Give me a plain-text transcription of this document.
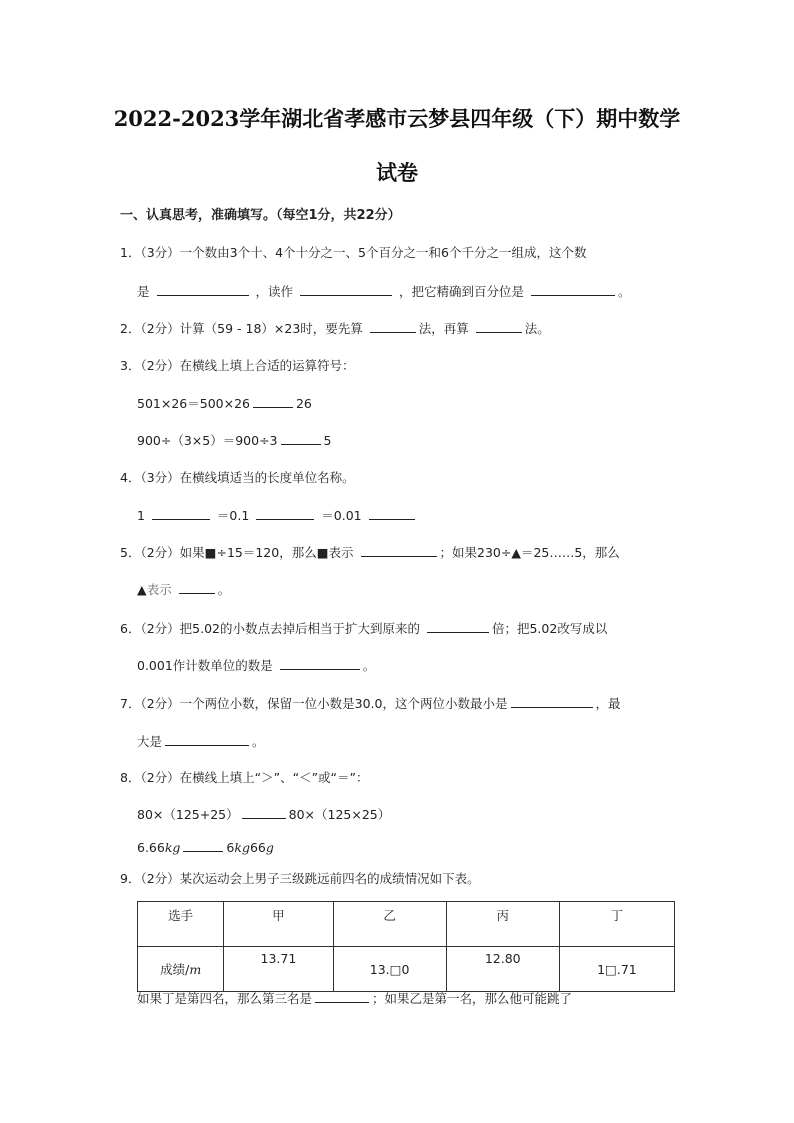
2022-2023学年湖北省孝感市云梦县四年级（下）期中数学
试卷
一、认真思考，准确填写。（每空1分，共22分）
1．（3分）一个数由3个十、4个十分之一、5个百分之一和6个千分之一组成，这个数
是	，读作	，把它精确到百分位是	。
2．（2分）计算（59 - 18）×23时，要先算	法，再算	法。
3．（2分）在横线上填上合适的运算符号：
501×26＝500×26	26
900÷（3×5）＝900÷3	5
4．（3分）在横线填适当的长度单位名称。
1	＝0.1	＝0.01
5．（2分）如果■÷15＝120，那么■表示	；如果230÷▲＝25……5，那么
▲表示	。
6．（2分）把5.02的小数点去掉后相当于扩大到原来的	倍；把5.02改写成以
0.001作计数单位的数是	。
7．（2分）一个两位小数，保留一位小数是30.0，这个两位小数最小是	，最
大是	。
8．（2分）在横线上填上“＞”、“＜”或“＝”：
80×（125+25）	80×（125×25）
6.66kg	6kg66g
9．（2分）某次运动会上男子三级跳远前四名的成绩情况如下表。
选手	甲	乙	丙	丁
成绩/m	13.71	13.□0	12.80	1□.71
如果丁是第四名，那么第三名是	；如果乙是第一名，那么他可能跳了
